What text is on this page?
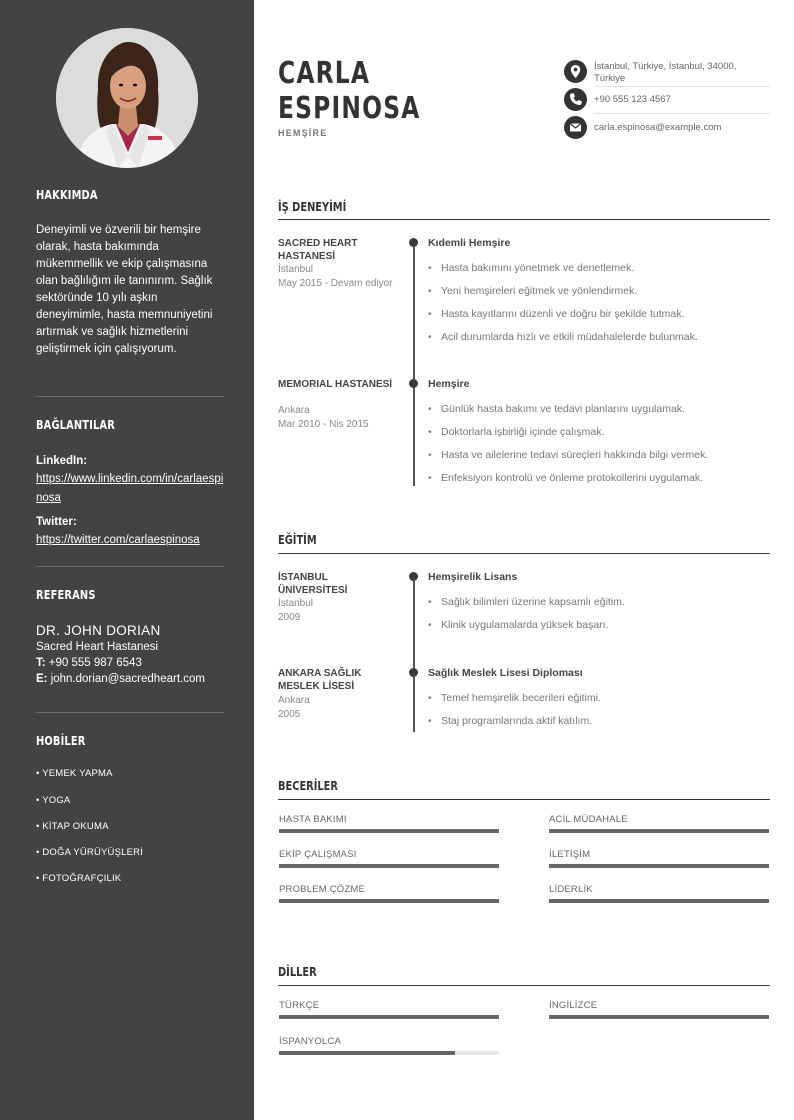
HAKKIMDA
Deneyimli ve özverili bir hemşire olarak, hasta bakımında mükemmellik ve ekip çalışmasına olan bağlılığım ile tanınırım. Sağlık sektöründe 10 yılı aşkın deneyimimle, hasta memnuniyetini artırmak ve sağlık hizmetlerini geliştirmek için çalışıyorum.
BAĞLANTILAR
LinkedIn:
https://www.linkedin.com/in/carlaespinosa
Twitter:
https://twitter.com/carlaespinosa
REFERANS
DR. JOHN DORIAN
Sacred Heart Hastanesi
T: +90 555 987 6543
E: john.dorian@sacredheart.com
HOBİLER
• YEMEK YAPMA
• YOGA
• KİTAP OKUMA
• DOĞA YÜRÜYÜŞLERİ
• FOTOĞRAFÇILIK
CARLA
ESPINOSA
HEMŞİRE
İstanbul, Türkiye, İstanbul, 34000, Türkiye
+90 555 123 4567
carla.espinosa@example.com
İŞ DENEYİMİ
SACRED HEART HASTANESİ
İstanbul
May 2015 - Devam ediyor
Kıdemli Hemşire
• Hasta bakımını yönetmek ve denetlemek.
• Yeni hemşireleri eğitmek ve yönlendirmek.
• Hasta kayıtlarını düzenli ve doğru bir şekilde tutmak.
• Acil durumlarda hızlı ve etkili müdahalelerde bulunmak.
MEMORIAL HASTANESİ
Ankara
Mar 2010 - Nis 2015
Hemşire
• Günlük hasta bakımı ve tedavi planlarını uygulamak.
• Doktorlarla işbirliği içinde çalışmak.
• Hasta ve ailelerine tedavi süreçleri hakkında bilgi vermek.
• Enfeksiyon kontrolü ve önleme protokollerini uygulamak.
EĞİTİM
İSTANBUL ÜNİVERSİTESİ
İstanbul
2009
Hemşirelik Lisans
• Sağlık bilimleri üzerine kapsamlı eğitim.
• Klinik uygulamalarda yüksek başarı.
ANKARA SAĞLIK MESLEK LİSESİ
Ankara
2005
Sağlık Meslek Lisesi Diploması
• Temel hemşirelik becerileri eğitimi.
• Staj programlarında aktif katılım.
BECERİLER
HASTA BAKIMI	ACİL MÜDAHALE
EKİP ÇALIŞMASI	İLETİŞİM
PROBLEM ÇÖZME	LİDERLİK
DİLLER
TÜRKÇE	İNGİLİZCE
İSPANYOLCA
